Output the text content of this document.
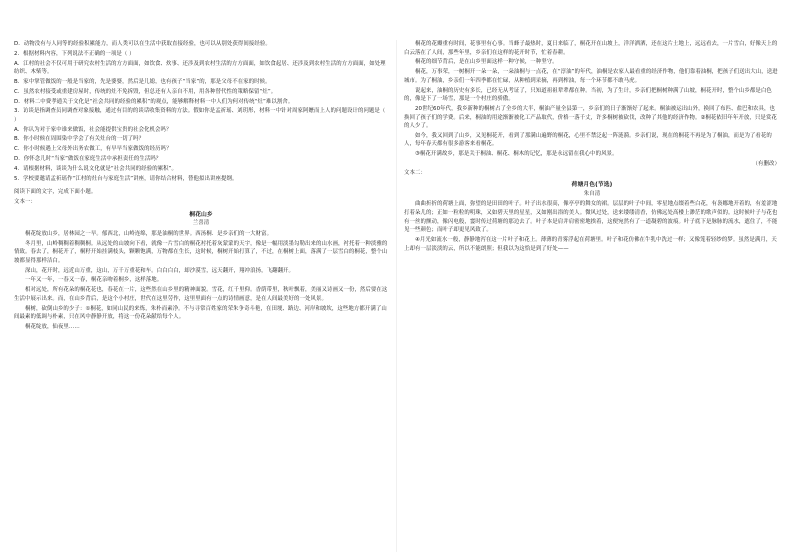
D．动物没有与人同等的经验积累能力，而人类可以在生活中获取直接经验，也可以从别处获得间接经验。

2．根据材料内容，下列说法不正确的一项是（ ）

A．江村的社会不仅可用于研究农村生活的方方面面，如饮食、炊事、还涉及到农村生活的方方面面，如饮食起居、还涉及到农村生活的方方面面，如处理纺织、木柴等。

B．家中掌管做饭的一般是当家的，先是婆婆，然后是儿媳，也有孩子“当家”的，那是父母不在家的时候。

C．虽然农村接受或重建房屋时，传统的灶不免拆毁，但总还有人亲自不用，用各种替代性的策略保留“灶”。

D．材料二中费孝通关于文化是“社会共同的经验的累积”的观点，能够解释材料一中人们为何对传统“灶”难以割舍。

3．访谈是指调查员同调查对象接触，通过有目的的谈话收集资料的方法。假如你是孟祈瑶、刘玥彤，材料一中针对周家阿嬷而上人的问题设计的问题是（ ）

A．你认为对于家中谁来做饭，社会能提供宝贵的社会化机会吗？

B．你小时候在周围染中学会了有关灶台的一切了吗？

C．你小时候遇上父母外出务农做工，有早早当家做饭的经历吗？

D．你怀念儿时“当家”做饭在家庭生活中承担责任的生活吗？

4．请根据材料，谈谈为什么说文化就是“社会共同的经验的累积”。

5．学校要邀请孟祈瑶作“江村的灶台与家庭生活”讲座，请你结合材料，替他拟出讲座提纲。

阅读下面的文字，完成下面小题。

文本一：

桐花山乡

兰喜清

桐花绽放山乡，居林园之一早。郁西北，山岭连绵，那是油桐的世界。西汤桐．是乡亲们的一大财富。

冬月里，山岭稠稠着稠稠桐。从远处的山坡向下看，就像一片雪白的桐花衬托着灰蒙蒙的天宇，像是一幅用淡墨勾勒出来的山水画，衬托着一种淡雅的情致。春去了，桐花开了，桐籽开始挂满枝头，颗颗饱满，万物都在生长，这时候，桐树开始打算了，不过，在桐树上面，落满了一层雪白的桐花，整个山坡都显得那样洁白。

深山，花开时，远近山万重，这山，万千万重花和车。白白白白，却沙漠雪，远天翻开，翔冲浪扬，飞翻翻开。

一年又一年，一春又一春，桐花亲吻着桐乡，这样落地。

相对远处，所有花朵的桐花花也，春花在一片，这些然在山乡里的精神面貌。雪花，红千里仰。香荫带里，秋叶飘着，美丽又诗画又一份，然后要在这生活中展示出来。而，在山乡背后，是这个小村庄，世代在这里劳作，这里里面有一点的诗情画意，是在人间最美好的一处风景。

桐树，砍倒山乡的少子：①桐花，如同山民的来炼，朱朴而素净。不与寻常百姓家的荣朱争奇斗艳，在田埂、路边、河岸和坡坎，这些地方都开满了山间最素的低调与朴素，只在风中静静开放，将这一份花朵献给每个人。

桐花绽放，仙夜里……

桐花的花瓣重有时间，花事里有心事。当蜂子最热时，夏日来临了，桐花开在山坡上，洋洋洒洒，还在这片土地上，远远看去，一片雪白，好像天上的白云落在了人间，那些年里，乡亲们在这样的花开时节，忙着春耕。

桐花的细节背后，是在山乡里面这样一种守候，一种坚守。

桐花，万事荣，一树桐开一朵一朵，一朵油桐与一点花，在“淳油”的年代，油桐是农家人最看重的经济作物，他们靠着油桐，把孩子们送出大山，送进城市。为了桐油，乡亲们一年四季都在忙碌，从种植到采摘，再到榨油，每一个环节都不敢马虎。

说起来，油桐的历史有多长，已经无从考证了，只知道祖祖辈辈都在种。当初，为了生计，乡亲们把桐树种满了山坡，桐花开时，整个山乡都是白色的，像是下了一场雪，那是一个村庄的骄傲。

20世纪60年代，我乡新种的桐树占了全乡的大半，桐油产量全县第一，乡亲们的日子渐渐好了起来。桐油被运出山外，换回了布匹、盐巴和农具，也换回了孩子们的学费。后来，桐油的用途渐渐被化工产品取代，价格一落千丈，许多桐树被砍伐，改种了其他的经济作物。②桐花依旧年年开放，只是赏花的人少了。

如今，我又回到了山乡，又见桐花开，看到了那满山遍野的桐花，心里不禁泛起一阵涟漪。乡亲们说，现在的桐花不再是为了桐油，而是为了看花的人，每年春天都有很多游客来看桐花。

③桐花开满故乡，那是关于桐油、桐花、桐木的记忆，那是永远留在我心中的风景。

（有删改）

文本二：

荷塘月色(节选)

朱自清

曲曲折折的荷塘上面，弥望的是田田的叶子。叶子出水很高，像亭亭的舞女的裙。层层的叶子中间，零星地点缀着些白花，有袅娜地开着的，有羞涩地打着朵儿的；正如一粒粒的明珠，又如碧天里的星星，又如刚出浴的美人。微风过处，送来缕缕清香，仿佛远处高楼上渺茫的歌声似的。这时候叶子与花也有一丝的颤动，像闪电般，霎时传过荷塘的那边去了。叶子本是肩并肩密密地挨着，这便宛然有了一道凝碧的波痕。叶子底下是脉脉的流水，遮住了，不能见一些颜色；而叶子却更见风致了。

④月光如流水一般，静静地泻在这一片叶子和花上。薄薄的青雾浮起在荷塘里。叶子和花仿佛在牛乳中洗过一样；又像笼着轻纱的梦。虽然是满月，天上却有一层淡淡的云，所以不能朗照；但我以为这恰是到了好处——
